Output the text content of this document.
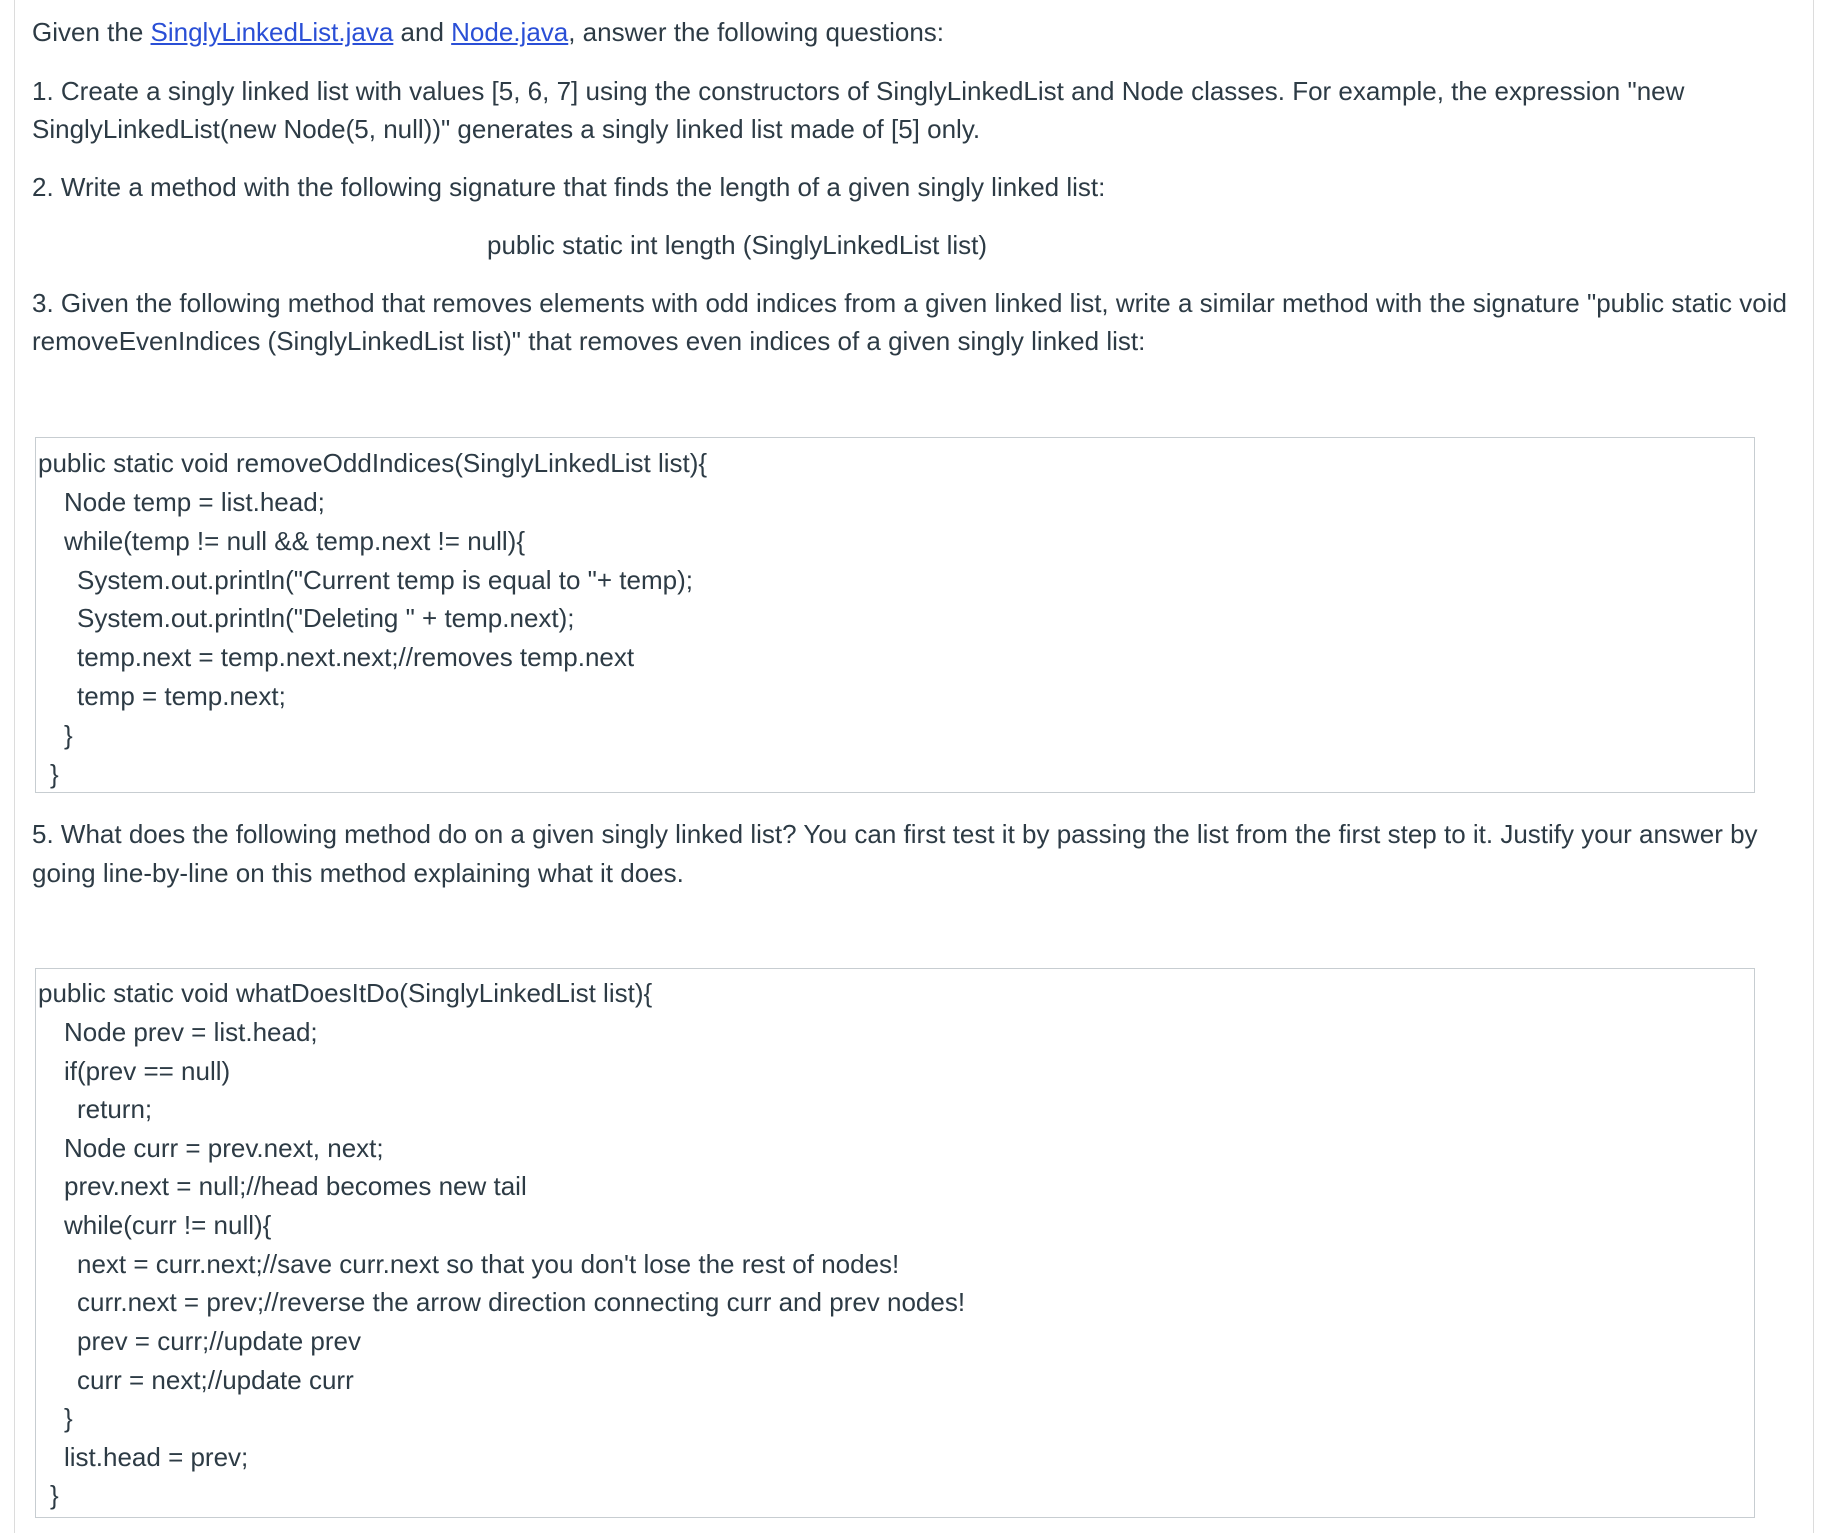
Given the SinglyLinkedList.java and Node.java, answer the following questions:

1. Create a singly linked list with values [5, 6, 7] using the constructors of SinglyLinkedList and Node classes. For example, the expression "new

SinglyLinkedList(new Node(5, null))" generates a singly linked list made of [5] only.

2. Write a method with the following signature that finds the length of a given singly linked list:

public static int length (SinglyLinkedList list)

3. Given the following method that removes elements with odd indices from a given linked list, write a similar method with the signature "public static void

removeEvenIndices (SinglyLinkedList list)" that removes even indices of a given singly linked list:

public static void removeOddIndices(SinglyLinkedList list){
Node temp = list.head;
while(temp != null && temp.next != null){
System.out.println("Current temp is equal to "+ temp);
System.out.println("Deleting " + temp.next);
temp.next = temp.next.next;//removes temp.next
temp = temp.next;
}
}

5. What does the following method do on a given singly linked list? You can first test it by passing the list from the first step to it. Justify your answer by

going line-by-line on this method explaining what it does.

public static void whatDoesItDo(SinglyLinkedList list){
Node prev = list.head;
if(prev == null)
return;
Node curr = prev.next, next;
prev.next = null;//head becomes new tail
while(curr != null){
next = curr.next;//save curr.next so that you don't lose the rest of nodes!
curr.next = prev;//reverse the arrow direction connecting curr and prev nodes!
prev = curr;//update prev
curr = next;//update curr
}
list.head = prev;
}
